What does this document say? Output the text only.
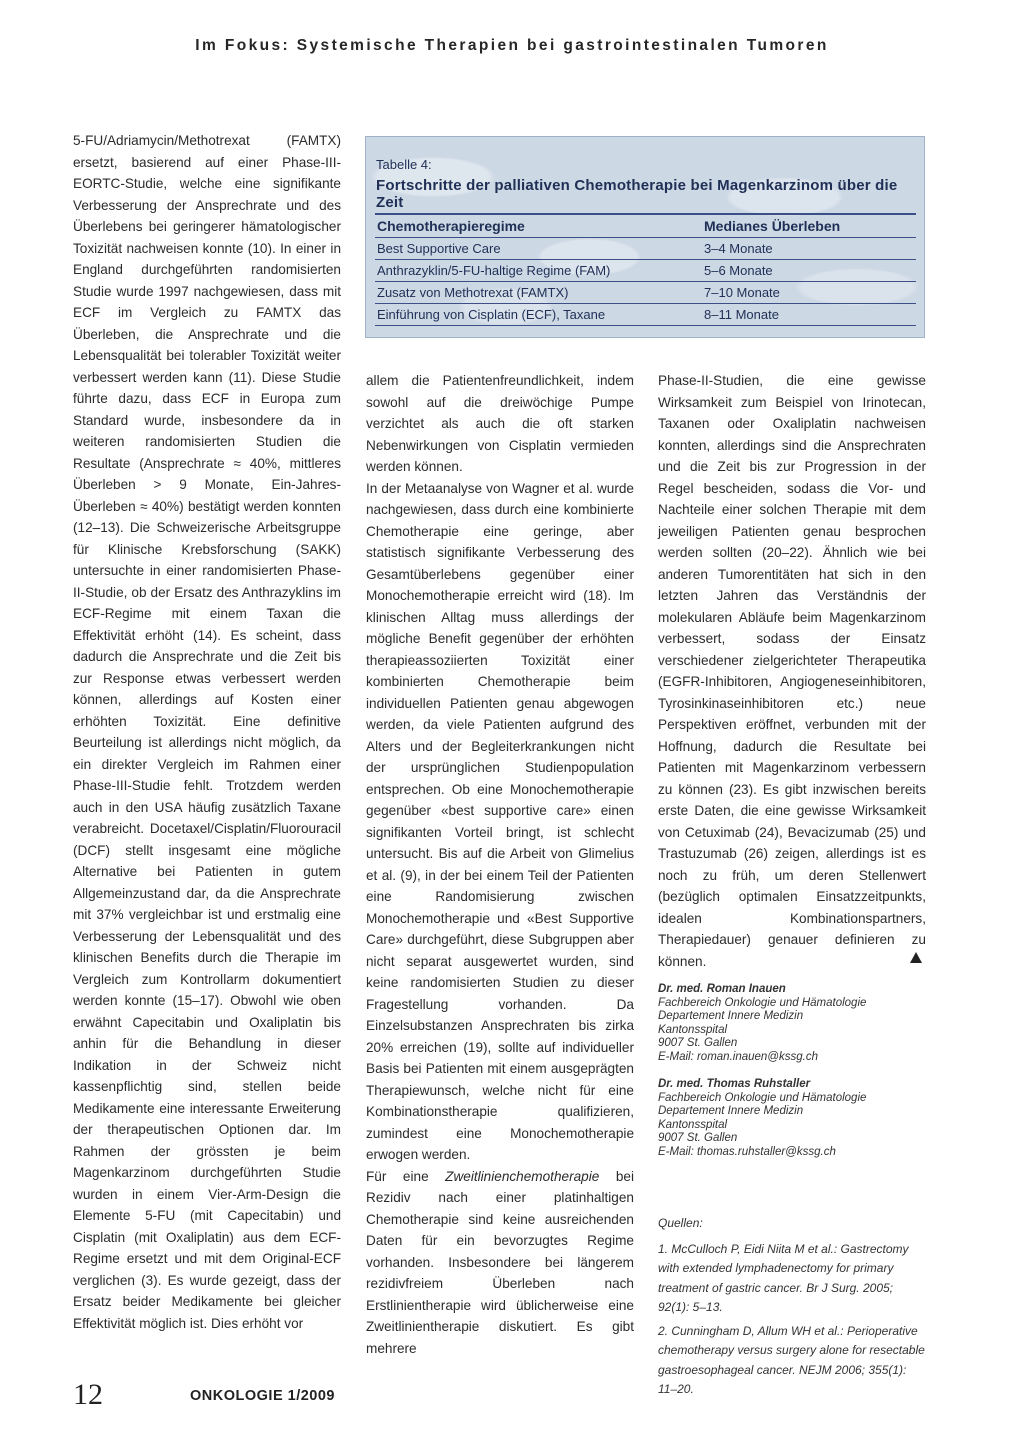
Im Fokus: Systemische Therapien bei gastrointestinalen Tumoren

5-FU/Adriamycin/Methotrexat (FAMTX) ersetzt, basierend auf einer Phase-III-EORTC-Studie, welche eine signifikante Verbesserung der Ansprechrate und des Überlebens bei geringerer hämatologischer Toxizität nachweisen konnte (10). In einer in England durchgeführten randomisierten Studie wurde 1997 nachgewiesen, dass mit ECF im Vergleich zu FAMTX das Überleben, die Ansprechrate und die Lebensqualität bei tolerabler Toxizität weiter verbessert werden kann (11). Diese Studie führte dazu, dass ECF in Europa zum Standard wurde, insbesondere da in weiteren randomisierten Studien die Resultate (Ansprechrate ≈ 40%, mittleres Überleben > 9 Monate, Ein-Jahres-Überleben ≈ 40%) bestätigt werden konnten (12–13). Die Schweizerische Arbeitsgruppe für Klinische Krebsforschung (SAKK) untersuchte in einer randomisierten Phase-II-Studie, ob der Ersatz des Anthrazyklins im ECF-Regime mit einem Taxan die Effektivität erhöht (14). Es scheint, dass dadurch die Ansprechrate und die Zeit bis zur Response etwas verbessert werden können, allerdings auf Kosten einer erhöhten Toxizität. Eine definitive Beurteilung ist allerdings nicht möglich, da ein direkter Vergleich im Rahmen einer Phase-III-Studie fehlt. Trotzdem werden auch in den USA häufig zusätzlich Taxane verabreicht. Docetaxel/Cisplatin/Fluorouracil (DCF) stellt insgesamt eine mögliche Alternative bei Patienten in gutem Allgemeinzustand dar, da die Ansprechrate mit 37% vergleichbar ist und erstmalig eine Verbesserung der Lebensqualität und des klinischen Benefits durch die Therapie im Vergleich zum Kontrollarm dokumentiert werden konnte (15–17). Obwohl wie oben erwähnt Capecitabin und Oxaliplatin bis anhin für die Behandlung in dieser Indikation in der Schweiz nicht kassenpflichtig sind, stellen beide Medikamente eine interessante Erweiterung der therapeutischen Optionen dar. Im Rahmen der grössten je beim Magenkarzinom durchgeführten Studie wurden in einem Vier-Arm-Design die Elemente 5-FU (mit Capecitabin) und Cisplatin (mit Oxaliplatin) aus dem ECF-Regime ersetzt und mit dem Original-ECF verglichen (3). Es wurde gezeigt, dass der Ersatz beider Medikamente bei gleicher Effektivität möglich ist. Dies erhöht vor

Tabelle 4:
Fortschritte der palliativen Chemotherapie bei Magenkarzinom über die Zeit
Chemotherapieregime	Medianes Überleben
Best Supportive Care	3–4 Monate
Anthrazyklin/5-FU-haltige Regime (FAM)	5–6 Monate
Zusatz von Methotrexat (FAMTX)	7–10 Monate
Einführung von Cisplatin (ECF), Taxane	8–11 Monate

allem die Patientenfreundlichkeit, indem sowohl auf die dreiwöchige Pumpe verzichtet als auch die oft starken Nebenwirkungen von Cisplatin vermieden werden können.

In der Metaanalyse von Wagner et al. wurde nachgewiesen, dass durch eine kombinierte Chemotherapie eine geringe, aber statistisch signifikante Verbesserung des Gesamtüberlebens gegenüber einer Monochemotherapie erreicht wird (18). Im klinischen Alltag muss allerdings der mögliche Benefit gegenüber der erhöhten therapieassoziierten Toxizität einer kombinierten Chemotherapie beim individuellen Patienten genau abgewogen werden, da viele Patienten aufgrund des Alters und der Begleiterkrankungen nicht der ursprünglichen Studienpopulation entsprechen. Ob eine Monochemotherapie gegenüber «best supportive care» einen signifikanten Vorteil bringt, ist schlecht untersucht. Bis auf die Arbeit von Glimelius et al. (9), in der bei einem Teil der Patienten eine Randomisierung zwischen Monochemotherapie und «Best Supportive Care» durchgeführt, diese Subgruppen aber nicht separat ausgewertet wurden, sind keine randomisierten Studien zu dieser Fragestellung vorhanden. Da Einzelsubstanzen Ansprechraten bis zirka 20% erreichen (19), sollte auf individueller Basis bei Patienten mit einem ausgeprägten Therapiewunsch, welche nicht für eine Kombinationstherapie qualifizieren, zumindest eine Monochemotherapie erwogen werden.

Für eine Zweitlinienchemotherapie bei Rezidiv nach einer platinhaltigen Chemotherapie sind keine ausreichenden Daten für ein bevorzugtes Regime vorhanden. Insbesondere bei längerem rezidivfreiem Überleben nach Erstlinientherapie wird üblicherweise eine Zweitlinientherapie diskutiert. Es gibt mehrere

Phase-II-Studien, die eine gewisse Wirksamkeit zum Beispiel von Irinotecan, Taxanen oder Oxaliplatin nachweisen konnten, allerdings sind die Ansprechraten und die Zeit bis zur Progression in der Regel bescheiden, sodass die Vor- und Nachteile einer solchen Therapie mit dem jeweiligen Patienten genau besprochen werden sollten (20–22). Ähnlich wie bei anderen Tumorentitäten hat sich in den letzten Jahren das Verständnis der molekularen Abläufe beim Magenkarzinom verbessert, sodass der Einsatz verschiedener zielgerichteter Therapeutika (EGFR-Inhibitoren, Angiogeneseinhibitoren, Tyrosinkinaseinhibitoren etc.) neue Perspektiven eröffnet, verbunden mit der Hoffnung, dadurch die Resultate bei Patienten mit Magenkarzinom verbessern zu können (23). Es gibt inzwischen bereits erste Daten, die eine gewisse Wirksamkeit von Cetuximab (24), Bevacizumab (25) und Trastuzumab (26) zeigen, allerdings ist es noch zu früh, um deren Stellenwert (bezüglich optimalen Einsatzzeitpunkts, idealen Kombinationspartners, Therapiedauer) genauer definieren zu können.

Dr. med. Roman Inauen
Fachbereich Onkologie und Hämatologie
Departement Innere Medizin
Kantonsspital
9007 St. Gallen
E-Mail: roman.inauen@kssg.ch
Dr. med. Thomas Ruhstaller
Fachbereich Onkologie und Hämatologie
Departement Innere Medizin
Kantonsspital
9007 St. Gallen
E-Mail: thomas.ruhstaller@kssg.ch
Quellen:
1. McCulloch P, Eidi Niita M et al.: Gastrectomy with extended lymphadenectomy for primary treatment of gastric cancer. Br J Surg. 2005; 92(1): 5–13.
2. Cunningham D, Allum WH et al.: Perioperative chemotherapy versus surgery alone for resectable gastroesophageal cancer. NEJM 2006; 355(1): 11–20.
12	ONKOLOGIE 1/2009
